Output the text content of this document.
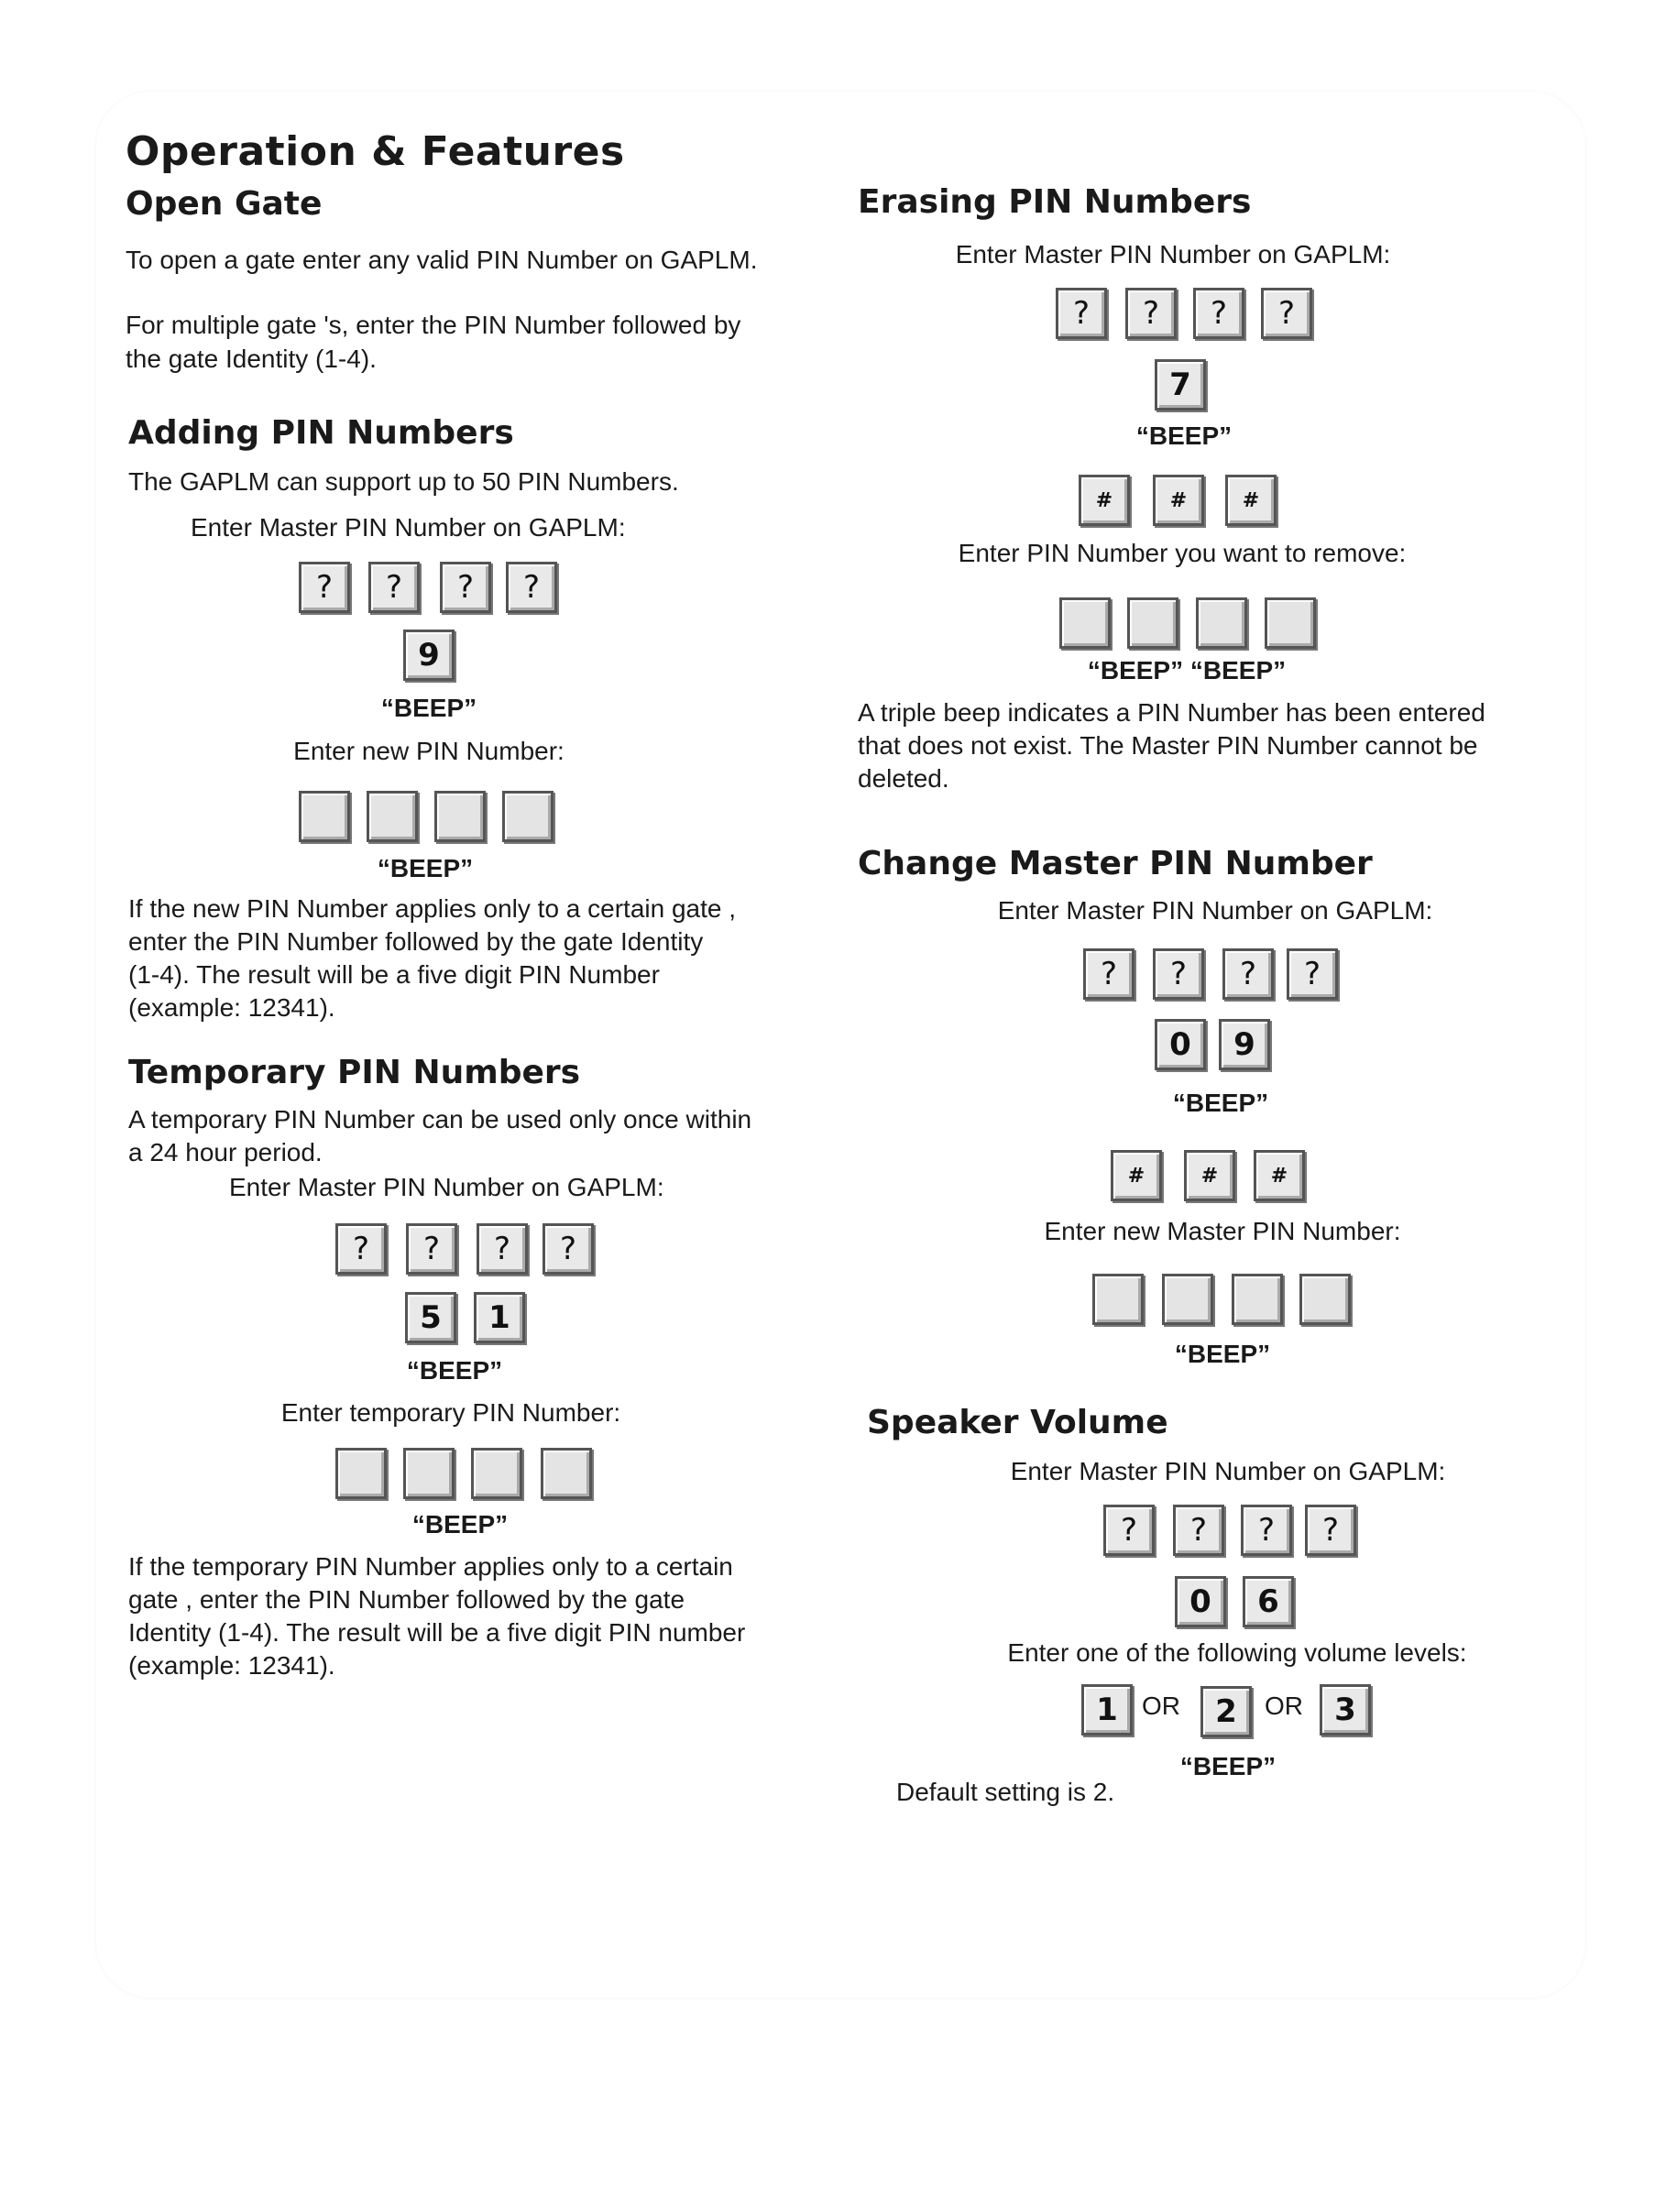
Operation & Features
Open Gate
To open a gate enter any valid PIN Number on GAPLM.
For multiple gate 's, enter the PIN Number followed by
the gate Identity (1-4).
Adding PIN Numbers
The GAPLM can support up to 50 PIN Numbers.
Enter Master PIN Number on GAPLM:
?	?	?	?
9
“BEEP”
Enter new PIN Number:
“BEEP”
If the new PIN Number applies only to a certain gate ,
enter the PIN Number followed by the gate Identity
(1-4). The result will be a five digit PIN Number
(example: 12341).
Temporary PIN Numbers
A temporary PIN Number can be used only once within
a 24 hour period.
Enter Master PIN Number on GAPLM:
?	?	?	?
5	1
“BEEP”
Enter temporary PIN Number:
“BEEP”
If the temporary PIN Number applies only to a certain
gate , enter the PIN Number followed by the gate
Identity (1-4). The result will be a five digit PIN number
(example: 12341).
Erasing PIN Numbers
Enter Master PIN Number on GAPLM:
?	?	?	?
7
“BEEP”
#	#	#
Enter PIN Number you want to remove:
“BEEP” “BEEP”
A triple beep indicates a PIN Number has been entered
that does not exist. The Master PIN Number cannot be
deleted.
Change Master PIN Number
Enter Master PIN Number on GAPLM:
?	?	?	?
0	9
“BEEP”
#	#	#
Enter new Master PIN Number:
“BEEP”
Speaker Volume
Enter Master PIN Number on GAPLM:
?	?	?	?
0	6
Enter one of the following volume levels:
1 OR	2	OR	3
“BEEP”
Default setting is 2.
